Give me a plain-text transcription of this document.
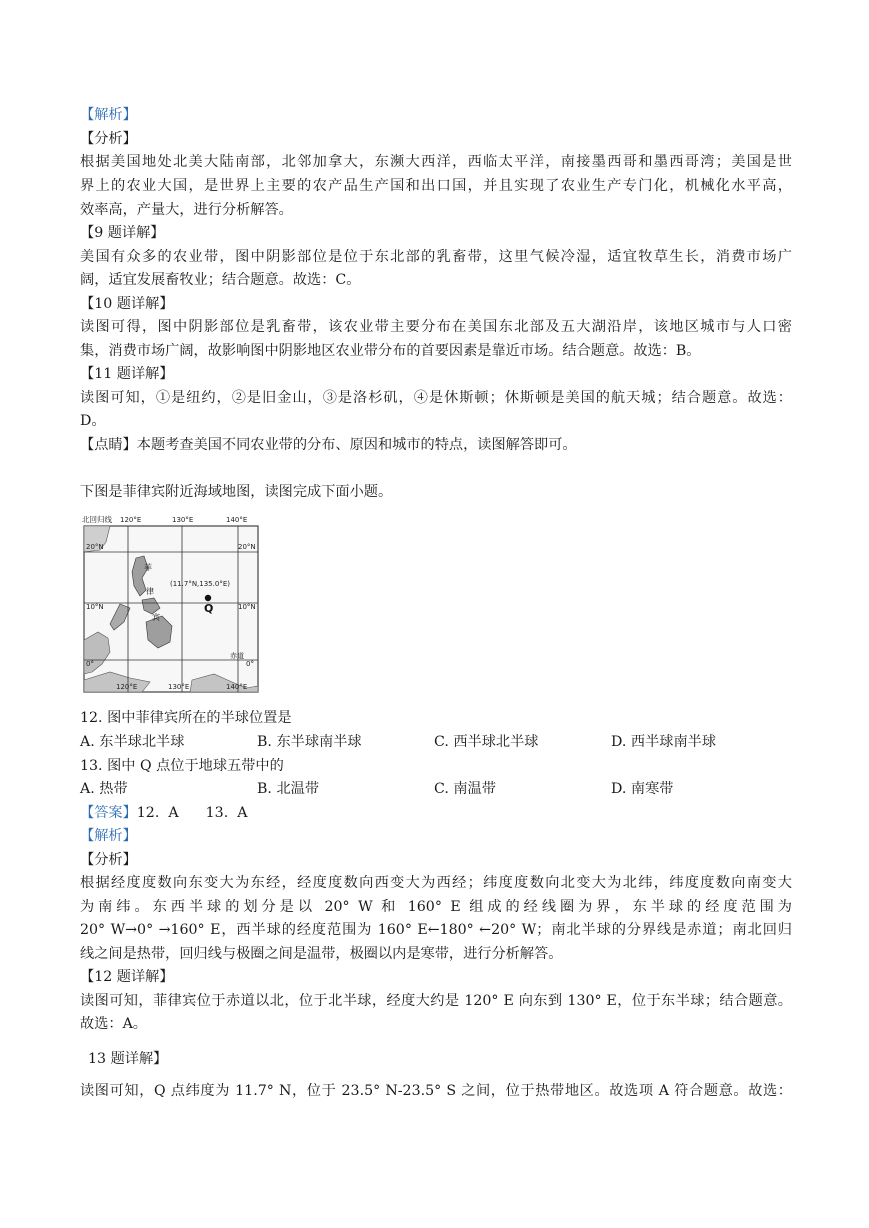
【解析】
【分析】
根据美国地处北美大陆南部，北邻加拿大，东濒大西洋，西临太平洋，南接墨西哥和墨西哥湾；美国是世
界上的农业大国，是世界上主要的农产品生产国和出口国，并且实现了农业生产专门化，机械化水平高，
效率高，产量大，进行分析解答。
【9 题详解】
美国有众多的农业带，图中阴影部位是位于东北部的乳畜带，这里气候冷湿，适宜牧草生长，消费市场广
阔，适宜发展畜牧业；结合题意。故选：C。
【10 题详解】
读图可得，图中阴影部位是乳畜带，该农业带主要分布在美国东北部及五大湖沿岸，该地区城市与人口密
集，消费市场广阔，故影响图中阴影地区农业带分布的首要因素是靠近市场。结合题意。故选：B。
【11 题详解】
读图可知，①是纽约，②是旧金山，③是洛杉矶，④是休斯顿；休斯顿是美国的航天城；结合题意。故选：
D。
【点睛】本题考查美国不同农业带的分布、原因和城市的特点，读图解答即可。
下图是菲律宾附近海域地图，读图完成下面小题。
北回归线 120°E	130°E	140°E
20°N	20°N
10°N	10°N
0°
赤道
0°
(11.7°N,135.0°E)
Q
菲
律
宾
120°E	130°E	140°E
12. 图中菲律宾所在的半球位置是
A. 东半球北半球	B. 东半球南半球	C. 西半球北半球	D. 西半球南半球
13. 图中 Q 点位于地球五带中的
A. 热带	B. 北温带	C. 南温带	D. 南寒带
【答案】12.  A      13.  A
【解析】
【分析】
根据经度度数向东变大为东经，经度度数向西变大为西经；纬度度数向北变大为北纬，纬度度数向南变大
为南纬。东西半球的划分是以 20° W 和 160° E 组成的经线圈为界，东半球的经度范围为
20° W→0° →160° E，西半球的经度范围为 160° E←180° ←20° W；南北半球的分界线是赤道；南北回归
线之间是热带，回归线与极圈之间是温带，极圈以内是寒带，进行分析解答。
【12 题详解】
读图可知，菲律宾位于赤道以北，位于北半球，经度大约是 120° E 向东到 130° E，位于东半球；结合题意。
故选：A。
13 题详解】
读图可知，Q 点纬度为 11.7° N，位于 23.5° N-23.5° S 之间，位于热带地区。故选项 A 符合题意。故选：
